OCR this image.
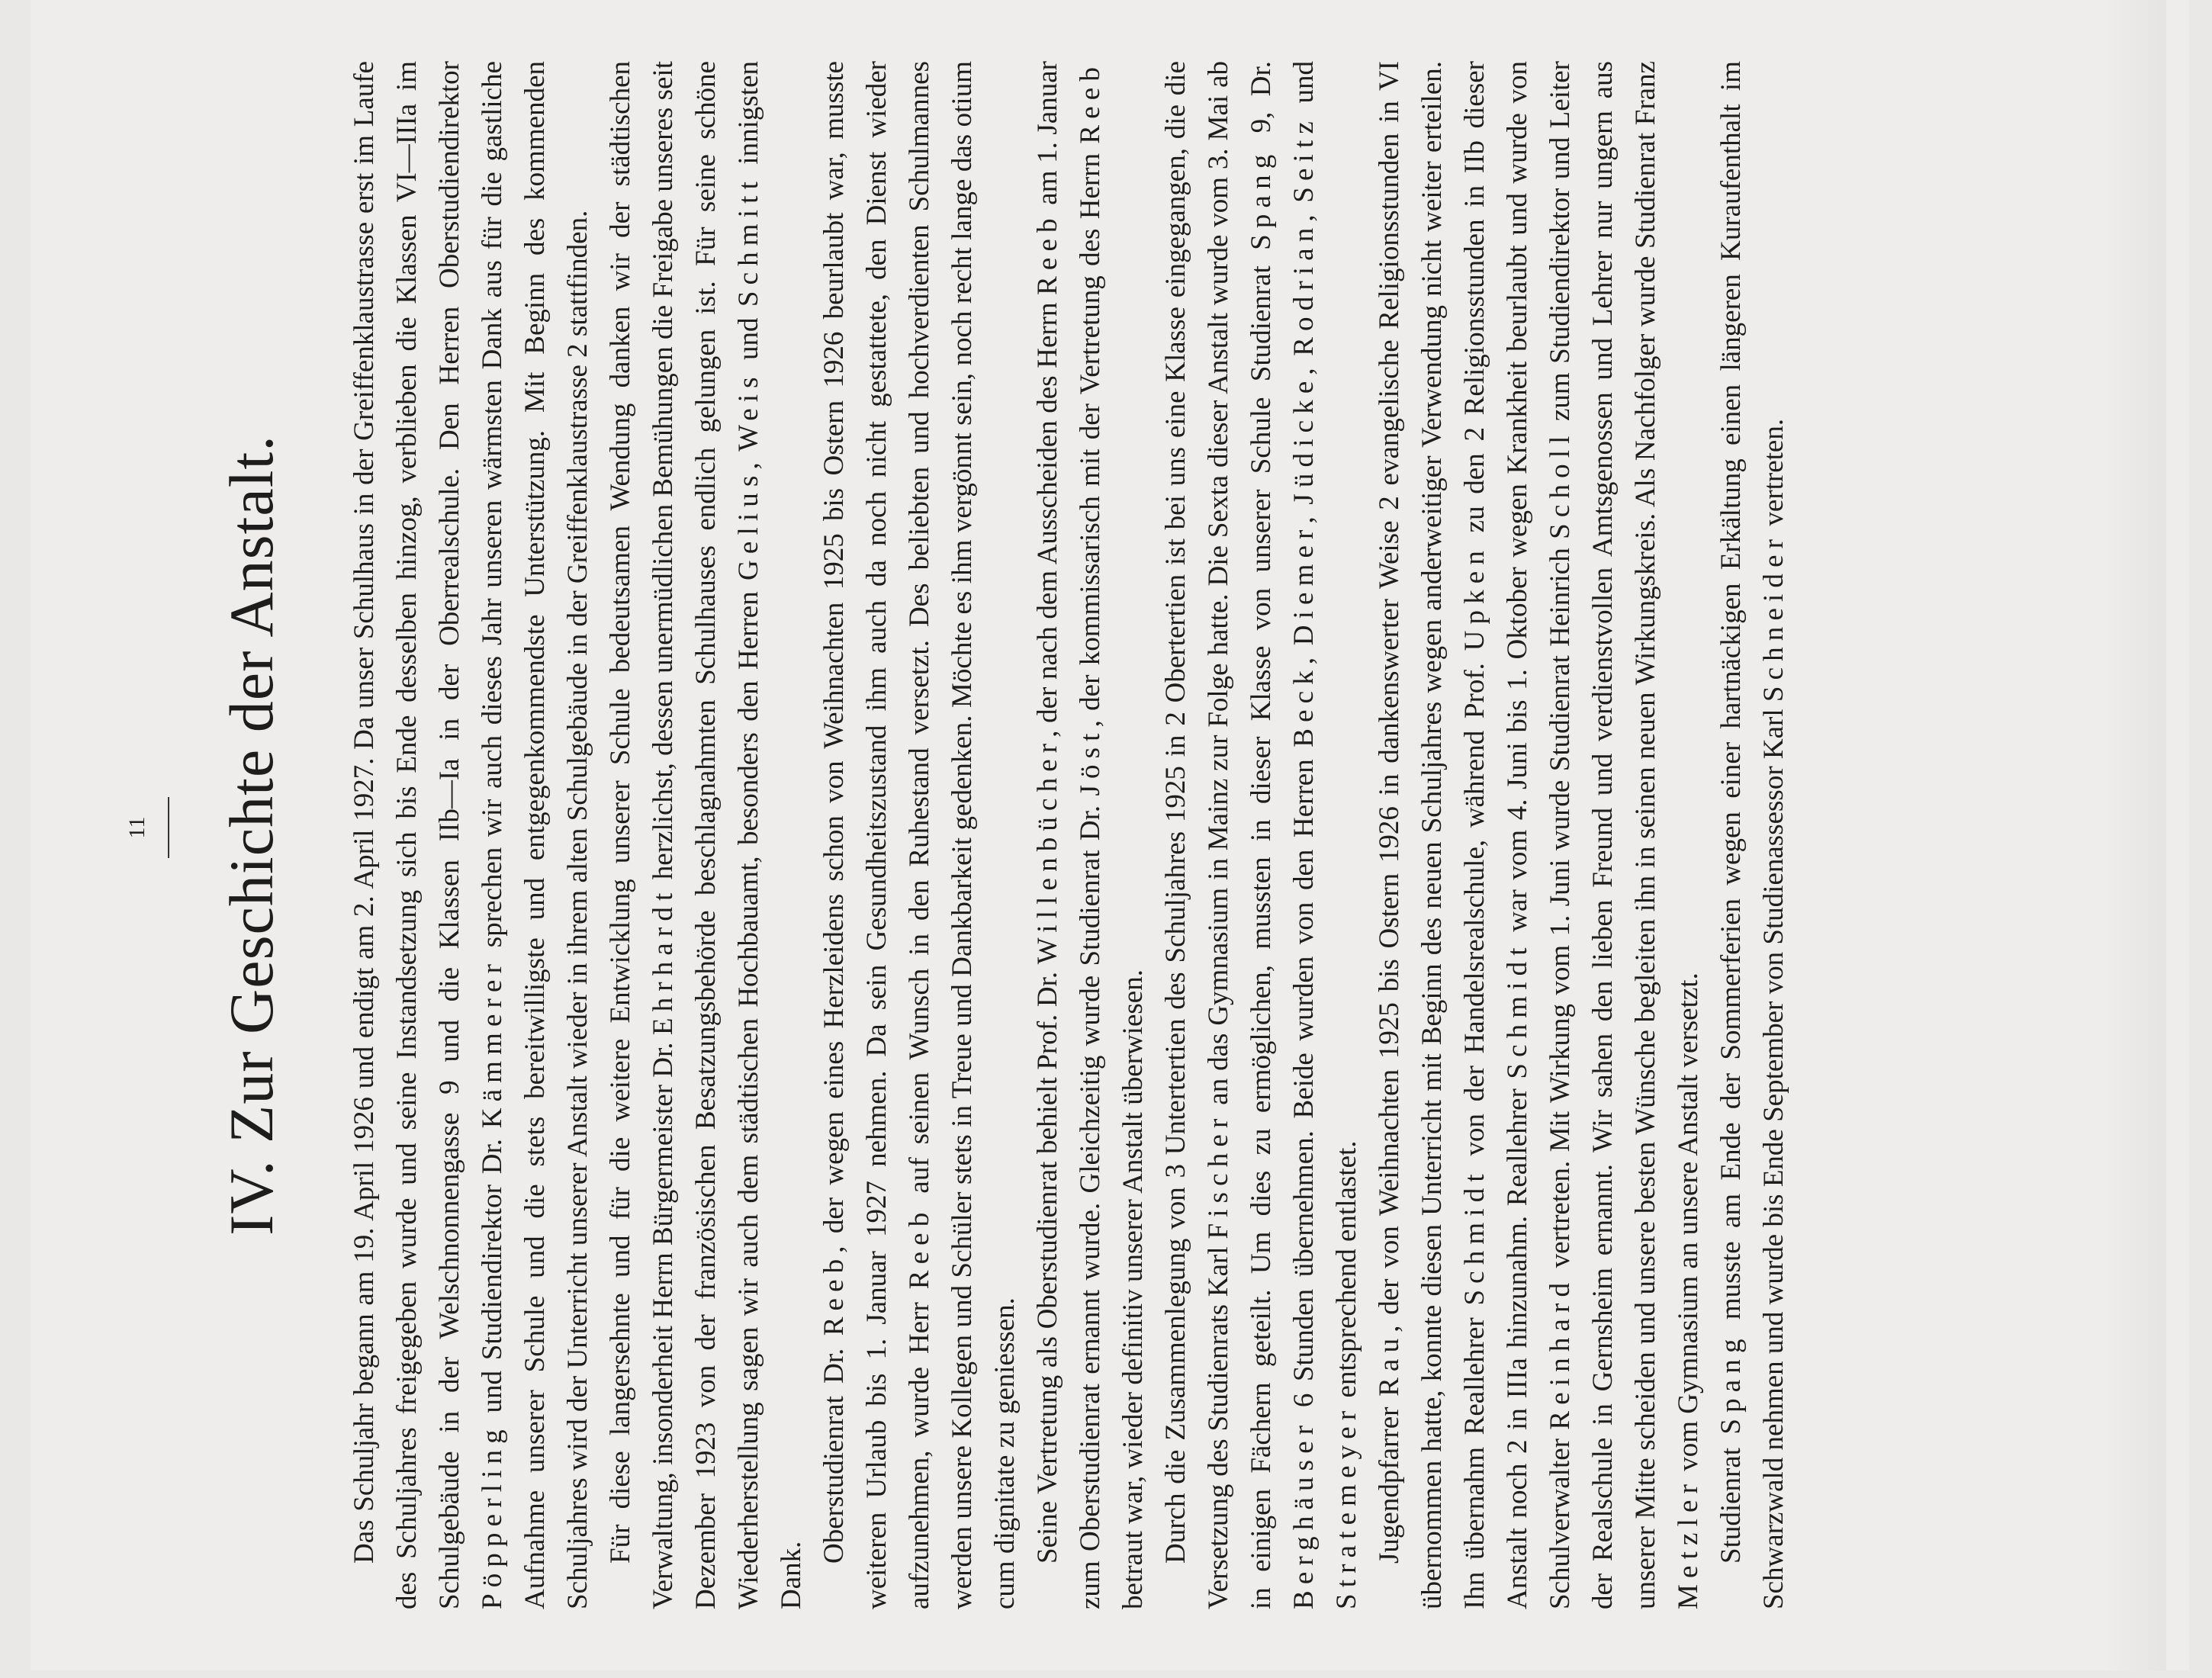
11 IV. Zur Geschichte der Anstalt. Das Schuljahr begann am 19. April 1926 und endigt am 2. April 1927. Da unser Schulhaus in der Greiffenklaustrasse erst im Laufe des Schuljahres freigegeben wurde und seine Instandsetzung sich bis Ende desselben hinzog, verblieben die Klassen VI—IIIa im Schulgebäude in der Welschnonnengasse 9 und die Klassen IIb—Ia in der Oberrealschule. Den Herren Oberstudiendirektor Pöpperling und Studiendirektor Dr. Kämmerer sprechen wir auch dieses Jahr unseren wärmsten Dank aus für die gastliche Aufnahme unserer Schule und die stets bereitwilligste und entgegenkommendste Unterstützung. Mit Beginn des kommenden Schuljahres wird der Unterricht unserer Anstalt wieder in ihrem alten Schulgebäude in der Greiffenklaustrasse 2 stattfinden. Für diese langersehnte und für die weitere Entwicklung unserer Schule bedeutsamen Wendung danken wir der städtischen Verwaltung, insonderheit Herrn Bürgermeister Dr. Ehrhardt herzlichst, dessen unermüdlichen Bemühungen die Freigabe unseres seit Dezember 1923 von der französischen Besatzungsbehörde beschlagnahmten Schulhauses endlich gelungen ist. Für seine schöne Wiederherstellung sagen wir auch dem städtischen Hochbauamt, besonders den Herren Gelius, Weis und Schmitt innigsten Dank.

Oberstudienrat Dr. Reeb, der wegen eines Herzleidens schon von Weihnachten 1925 bis Ostern 1926 beurlaubt war, musste weiteren Urlaub bis 1. Januar 1927 nehmen. Da sein Gesundheitszustand ihm auch da noch nicht gestattete, den Dienst wieder aufzunehmen, wurde Herr Reeb auf seinen Wunsch in den Ruhestand versetzt. Des beliebten und hochverdienten Schulmannes werden unsere Kollegen und Schüler stets in Treue und Dankbarkeit gedenken. Möchte es ihm vergönnt sein, noch recht lange das otium cum dignitate zu geniessen. Seine Vertretung als Oberstudienrat behielt Prof. Dr. Willenbücher, der nach dem Ausscheiden des Herrn Reeb am 1. Januar zum Oberstudienrat ernannt wurde. Gleichzeitig wurde Studienrat Dr. Jöst, der kommissarisch mit der Vertretung des Herrn Reeb betraut war, wieder definitiv unserer Anstalt überwiesen. Durch die Zusammenlegung von 3 Untertertien des Schuljahres 1925 in 2 Obertertien ist bei uns eine Klasse eingegangen, die die Versetzung des Studienrats Karl Fischer an das Gymnasium in Mainz zur Folge hatte. Die Sexta dieser Anstalt wurde vom 3. Mai ab in einigen Fächern geteilt. Um dies zu ermöglichen, mussten in dieser Klasse von unserer Schule Studienrat Spang 9, Dr. Berghäuser 6 Stunden übernehmen. Beide wurden von den Herren Beck, Diemer, Jüdicke, Rodrian, Seitz und Stratemeyer entsprechend entlastet.

Jugendpfarrer Rau, der von Weihnachten 1925 bis Ostern 1926 in dankenswerter Weise 2 evangelische Religionsstunden in VI übernommen hatte, konnte diesen Unterricht mit Beginn des neuen Schuljahres wegen anderweitiger Verwendung nicht weiter erteilen. Ihn übernahm Reallehrer Schmidt von der Handelsrealschule, während Prof. Upken zu den 2 Religionsstunden in IIb dieser Anstalt noch 2 in IIIa hinzunahm. Reallehrer Schmidt war vom 4. Juni bis 1. Oktober wegen Krankheit beurlaubt und wurde von Schulverwalter Reinhard vertreten. Mit Wirkung vom 1. Juni wurde Studienrat Heinrich Scholl zum Studiendirektor und Leiter der Realschule in Gernsheim ernannt. Wir sahen den lieben Freund und verdienstvollen Amtsgenossen und Lehrer nur ungern aus unserer Mitte scheiden und unsere besten Wünsche begleiten ihn in seinen neuen Wirkungskreis. Als Nachfolger wurde Studienrat Franz Metzler vom Gymnasium an unsere Anstalt versetzt.

Studienrat Spang musste am Ende der Sommerferien wegen einer hartnäckigen Erkältung einen längeren Kuraufenthalt im Schwarzwald nehmen und wurde bis Ende September von Studienassessor Karl Schneider vertreten.
